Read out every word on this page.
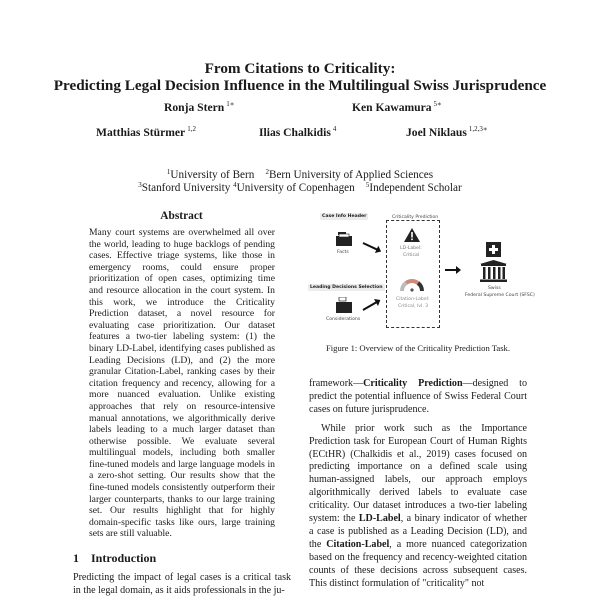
From Citations to Criticality:
Predicting Legal Decision Influence in the Multilingual Swiss Jurisprudence
Ronja Stern $^{1∗}$	Ken Kawamura $^{5∗}$
Matthias Stürmer $^{1,2}$	Ilias Chalkidis $^4$	Joel Niklaus $^{1,2,3∗}$
$^1$University of Bern $^2$Bern University of Applied Sciences
$^3$Stanford University $^4$University of Copenhagen $^5$Independent Scholar
Abstract

Many court systems are overwhelmed all over the world, leading to huge backlogs of pending cases. Effective triage systems, like those in emergency rooms, could ensure proper prioritization of open cases, optimizing time and resource allocation in the court system. In this work, we introduce the Criticality Prediction dataset, a novel resource for evaluating case prioritization. Our dataset features a two-tier labeling system: (1) the binary LD-Label, identifying cases published as Leading Decisions (LD), and (2) the more granular Citation-Label, ranking cases by their citation frequency and recency, allowing for a more nuanced evaluation. Unlike existing approaches that rely on resource-intensive manual annotations, we algorithmically derive labels leading to a much larger dataset than otherwise possible. We evaluate several multilingual models, including both smaller fine-tuned models and large language models in a zero-shot setting. Our results show that the fine-tuned models consistently outperform their larger counterparts, thanks to our large training set. Our results highlight that for highly domain-specific tasks like ours, large training sets are still valuable.

1 Introduction

Predicting the impact of legal cases is a critical task in the legal domain, as it aids professionals in the ju-

Case Info Header
Facts
Leading Decisions Selection
Considerations
Criticality Prediction
LD-Label:
Critical
Citation-Label:
Critical, lvl. 3
Swiss
Federal Supreme Court (SFSC)
Figure 1: Overview of the Criticality Prediction Task.

framework—Criticality Prediction—designed to predict the potential influence of Swiss Federal Court cases on future jurisprudence.

While prior work such as the Importance Prediction task for European Court of Human Rights (ECtHR) (Chalkidis et al., 2019) cases focused on predicting importance on a defined scale using human-assigned labels, our approach employs algorithmically derived labels to evaluate case criticality. Our dataset introduces a two-tier labeling system: the LD-Label, a binary indicator of whether a case is published as a Leading Decision (LD), and the Citation-Label, a more nuanced categorization based on the frequency and recency-weighted citation counts of these decisions across subsequent cases. This distinct formulation of "criticality" not
